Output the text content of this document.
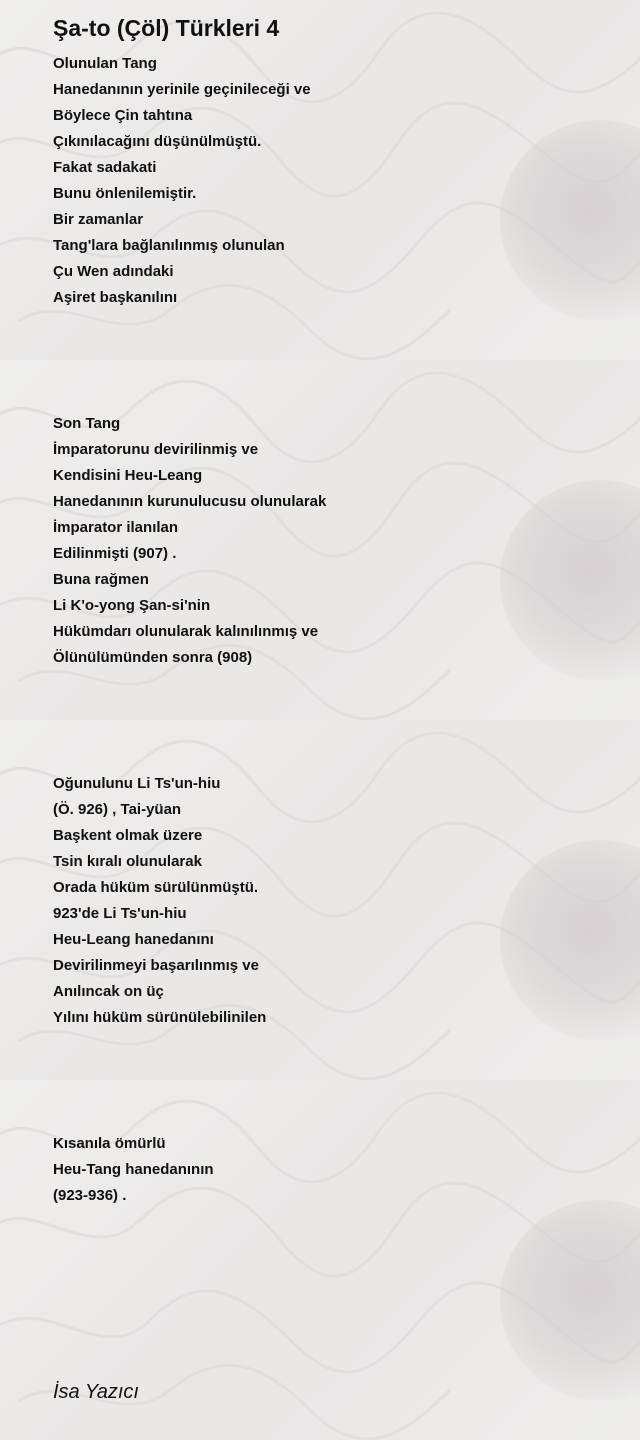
Şa-to (Çöl) Türkleri 4
Olunulan Tang
Hanedanının yerinile geçinileceği ve
Böylece Çin tahtına
Çıkınılacağını düşünülmüştü.
Fakat sadakati
Bunu önlenilemiştir.
Bir zamanlar
Tang'lara bağlanılınmış olunulan
Çu Wen adındaki
Aşiret başkanılını
Son Tang
İmparatorunu devirilinmiş ve
Kendisini Heu-Leang
Hanedanının kurunulucusu olunularak
İmparator ilanılan
Edilinmişti (907) .
Buna rağmen
Li K'o-yong Şan-si'nin
Hükümdarı olunularak kalınılınmış ve
Ölünülümünden sonra (908)
Oğunulunu Li Ts'un-hiu
(Ö. 926) , Tai-yüan
Başkent olmak üzere
Tsin kıralı olunularak
Orada hüküm sürülünmüştü.
923'de Li Ts'un-hiu
Heu-Leang hanedanını
Devirilinmeyi başarılınmış ve
Anılıncak on üç
Yılını hüküm sürünülebilinilen
Kısanıla ömürlü
Heu-Tang hanedanının
(923-936) .
İsa Yazıcı
